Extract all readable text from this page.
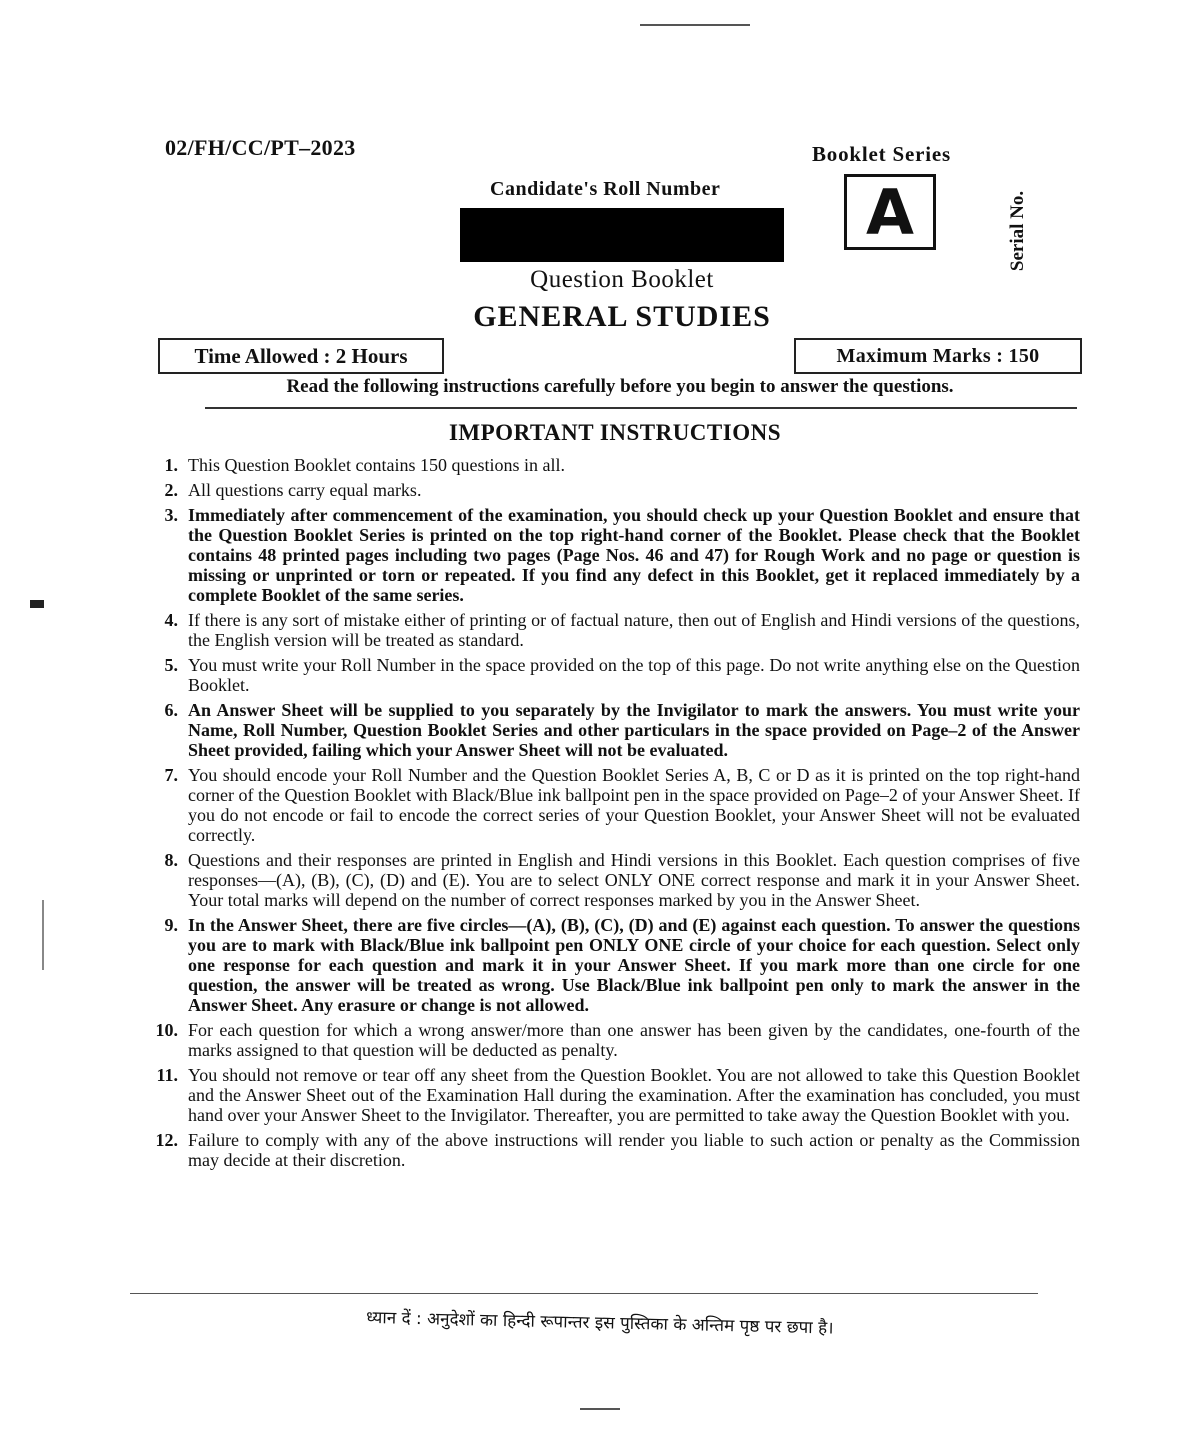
02/FH/CC/PT–2023	Booklet Series
A	Serial No.
Candidate's Roll Number
Question Booklet
GENERAL STUDIES
Time Allowed : 2 Hours	Maximum Marks : 150
Read the following instructions carefully before you begin to answer the questions.
IMPORTANT INSTRUCTIONS
1. This Question Booklet contains 150 questions in all.
2. All questions carry equal marks.
3. Immediately after commencement of the examination, you should check up your Question Booklet and ensure that the Question Booklet Series is printed on the top right-hand corner of the Booklet. Please check that the Booklet contains 48 printed pages including two pages (Page Nos. 46 and 47) for Rough Work and no page or question is missing or unprinted or torn or repeated. If you find any defect in this Booklet, get it replaced immediately by a complete Booklet of the same series.
4. If there is any sort of mistake either of printing or of factual nature, then out of English and Hindi versions of the questions, the English version will be treated as standard.
5. You must write your Roll Number in the space provided on the top of this page. Do not write anything else on the Question Booklet.
6. An Answer Sheet will be supplied to you separately by the Invigilator to mark the answers. You must write your Name, Roll Number, Question Booklet Series and other particulars in the space provided on Page–2 of the Answer Sheet provided, failing which your Answer Sheet will not be evaluated.
7. You should encode your Roll Number and the Question Booklet Series A, B, C or D as it is printed on the top right-hand corner of the Question Booklet with Black/Blue ink ballpoint pen in the space provided on Page–2 of your Answer Sheet. If you do not encode or fail to encode the correct series of your Question Booklet, your Answer Sheet will not be evaluated correctly.
8. Questions and their responses are printed in English and Hindi versions in this Booklet. Each question comprises of five responses—(A), (B), (C), (D) and (E). You are to select ONLY ONE correct response and mark it in your Answer Sheet. Your total marks will depend on the number of correct responses marked by you in the Answer Sheet.
9. In the Answer Sheet, there are five circles—(A), (B), (C), (D) and (E) against each question. To answer the questions you are to mark with Black/Blue ink ballpoint pen ONLY ONE circle of your choice for each question. Select only one response for each question and mark it in your Answer Sheet. If you mark more than one circle for one question, the answer will be treated as wrong. Use Black/Blue ink ballpoint pen only to mark the answer in the Answer Sheet. Any erasure or change is not allowed.
10. For each question for which a wrong answer/more than one answer has been given by the candidates, one-fourth of the marks assigned to that question will be deducted as penalty.
11. You should not remove or tear off any sheet from the Question Booklet. You are not allowed to take this Question Booklet and the Answer Sheet out of the Examination Hall during the examination. After the examination has concluded, you must hand over your Answer Sheet to the Invigilator. Thereafter, you are permitted to take away the Question Booklet with you.
12. Failure to comply with any of the above instructions will render you liable to such action or penalty as the Commission may decide at their discretion.
ध्यान दें : अनुदेशों का हिन्दी रूपान्तर इस पुस्तिका के अन्तिम पृष्ठ पर छपा है।
